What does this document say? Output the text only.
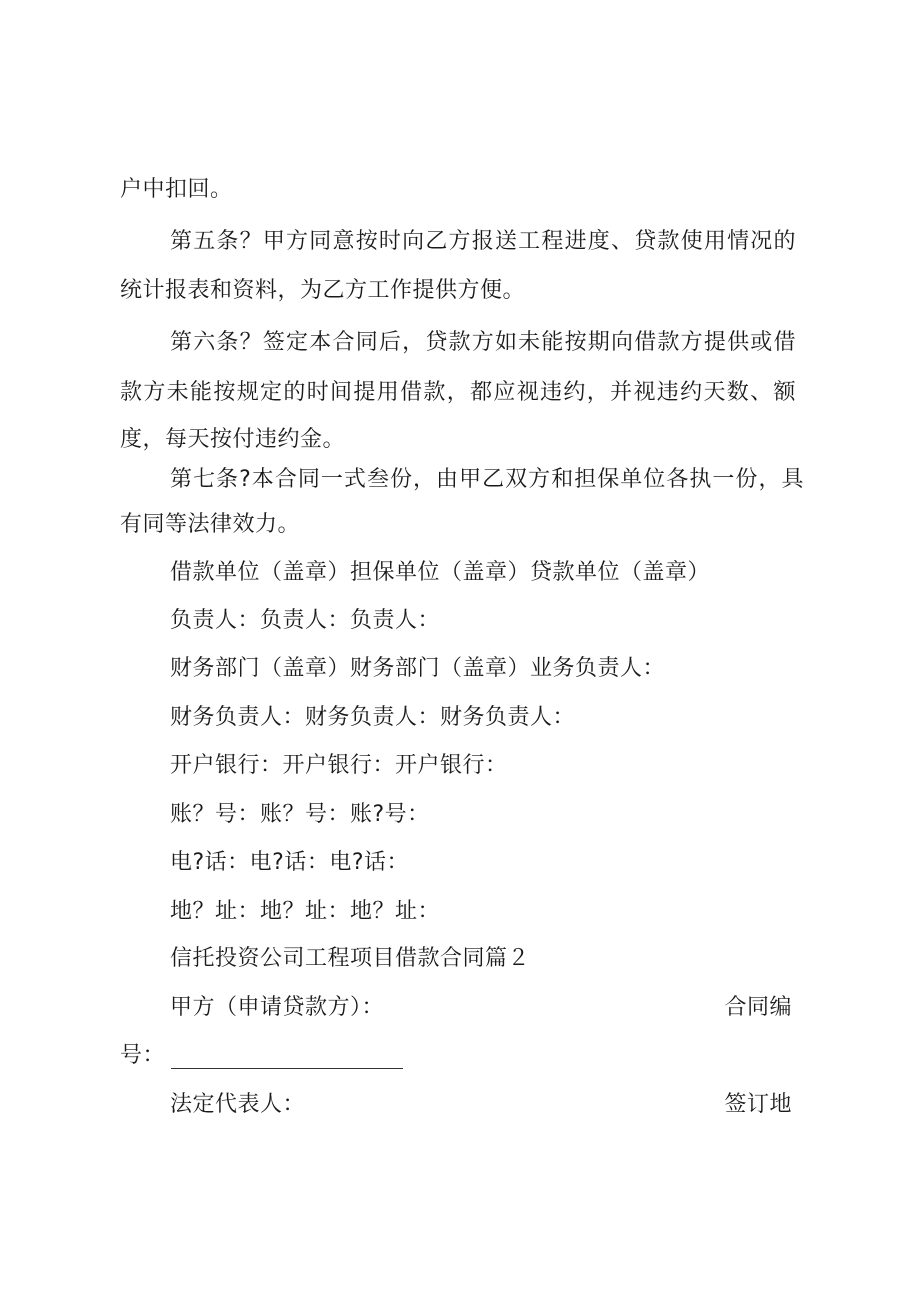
户中扣回。
第五条？甲方同意按时向乙方报送工程进度、贷款使用情况的
统计报表和资料，为乙方工作提供方便。
第六条？签定本合同后，贷款方如未能按期向借款方提供或借
款方未能按规定的时间提用借款，都应视违约，并视违约天数、额
度，每天按付违约金。
第七条?本合同一式叁份，由甲乙双方和担保单位各执一份，具
有同等法律效力。
借款单位（盖章）担保单位（盖章）贷款单位（盖章）
负责人：负责人：负责人：
财务部门（盖章）财务部门（盖章）业务负责人：
财务负责人：财务负责人：财务负责人：
开户银行：开户银行：开户银行：
账？号：账？号：账?号：
电?话：电?话：电?话：
地？址：地？址：地？址：
信托投资公司工程项目借款合同篇２
甲方（申请贷款方）：	合同编
号：
法定代表人：	签订地
